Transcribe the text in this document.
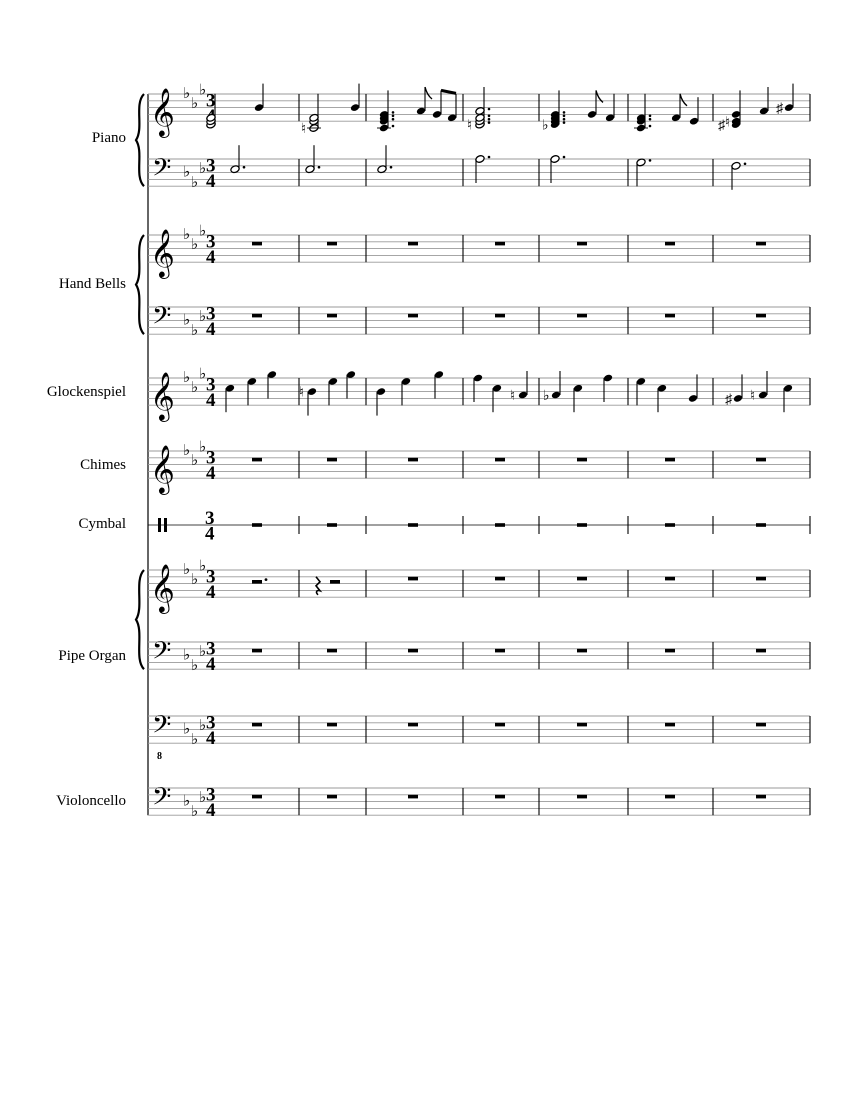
Piano
Hand Bells
Glockenspiel
Chimes
Cymbal
Pipe Organ
Violoncello
𝄞 ♭
♭
♭
3
𝄢 ♭
♭
♭ 3
4
𝄞 ♭
♭
♭
3
4
𝄢 ♭
♭
♭ 3
4
𝄞 ♭
♭
♭
3
4
𝄞 ♭
♭
♭
3
4
3
4
𝄞 ♭
♭
♭
3
4
𝄢 ♭
♭
♭ 3
4
𝄢
8
♭
♭
♭ 3
4
𝄢 ♭
♭
♭ 3
4
♮	♮	♭	♯ ♮
♯
♮	♮ ♭	♯ ♮
